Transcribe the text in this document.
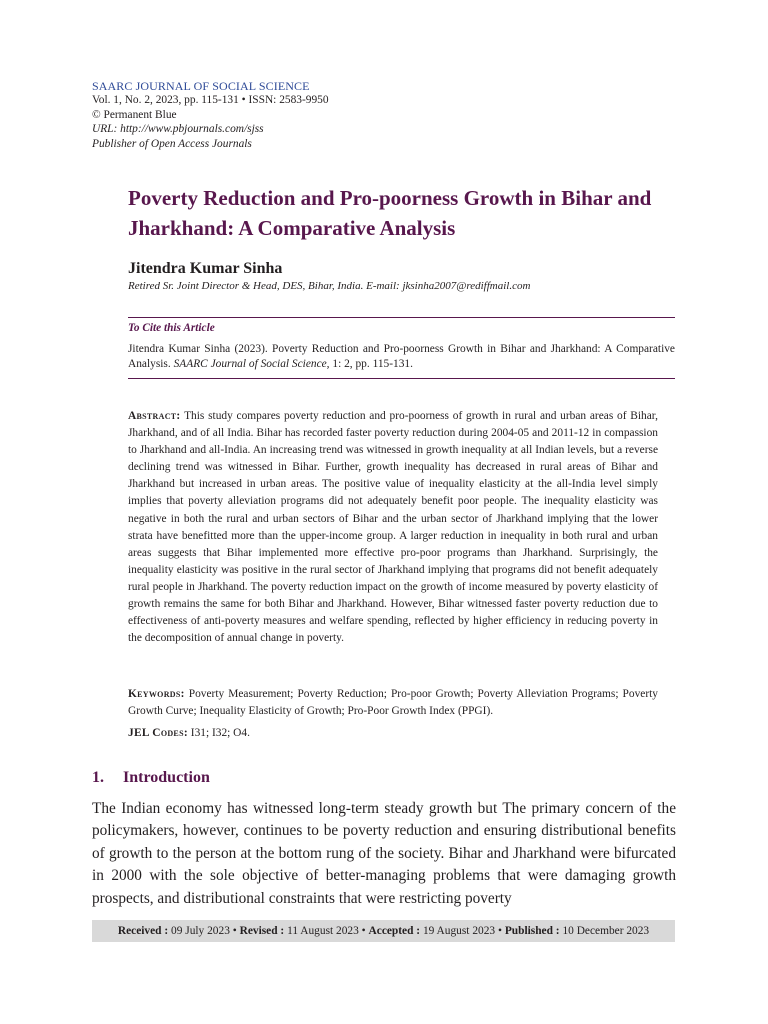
SAARC JOURNAL OF SOCIAL SCIENCE
Vol. 1, No. 2, 2023, pp. 115-131 • ISSN: 2583-9950
© Permanent Blue
URL: http://www.pbjournals.com/sjss
Publisher of Open Access Journals
Poverty Reduction and Pro-poorness Growth in Bihar and Jharkhand: A Comparative Analysis
Jitendra Kumar Sinha
Retired Sr. Joint Director & Head, DES, Bihar, India. E-mail: jksinha2007@rediffmail.com
To Cite this Article
Jitendra Kumar Sinha (2023). Poverty Reduction and Pro-poorness Growth in Bihar and Jharkhand: A Comparative Analysis. SAARC Journal of Social Science, 1: 2, pp. 115-131.
Abstract: This study compares poverty reduction and pro-poorness of growth in rural and urban areas of Bihar, Jharkhand, and of all India. Bihar has recorded faster poverty reduction during 2004-05 and 2011-12 in compassion to Jharkhand and all-India. An increasing trend was witnessed in growth inequality at all Indian levels, but a reverse declining trend was witnessed in Bihar. Further, growth inequality has decreased in rural areas of Bihar and Jharkhand but increased in urban areas. The positive value of inequality elasticity at the all-India level simply implies that poverty alleviation programs did not adequately benefit poor people. The inequality elasticity was negative in both the rural and urban sectors of Bihar and the urban sector of Jharkhand implying that the lower strata have benefitted more than the upper-income group. A larger reduction in inequality in both rural and urban areas suggests that Bihar implemented more effective pro-poor programs than Jharkhand. Surprisingly, the inequality elasticity was positive in the rural sector of Jharkhand implying that programs did not benefit adequately rural people in Jharkhand. The poverty reduction impact on the growth of income measured by poverty elasticity of growth remains the same for both Bihar and Jharkhand. However, Bihar witnessed faster poverty reduction due to effectiveness of anti-poverty measures and welfare spending, reflected by higher efficiency in reducing poverty in the decomposition of annual change in poverty.
Keywords: Poverty Measurement; Poverty Reduction; Pro-poor Growth; Poverty Alleviation Programs; Poverty Growth Curve; Inequality Elasticity of Growth; Pro-Poor Growth Index (PPGI).
JEL Codes: I31; I32; O4.
1. Introduction
The Indian economy has witnessed long-term steady growth but The primary concern of the policymakers, however, continues to be poverty reduction and ensuring distributional benefits of growth to the person at the bottom rung of the society. Bihar and Jharkhand were bifurcated in 2000 with the sole objective of better-managing problems that were damaging growth prospects, and distributional constraints that were restricting poverty
Received : 09 July 2023 • Revised : 11 August 2023 • Accepted : 19 August 2023 • Published : 10 December 2023
